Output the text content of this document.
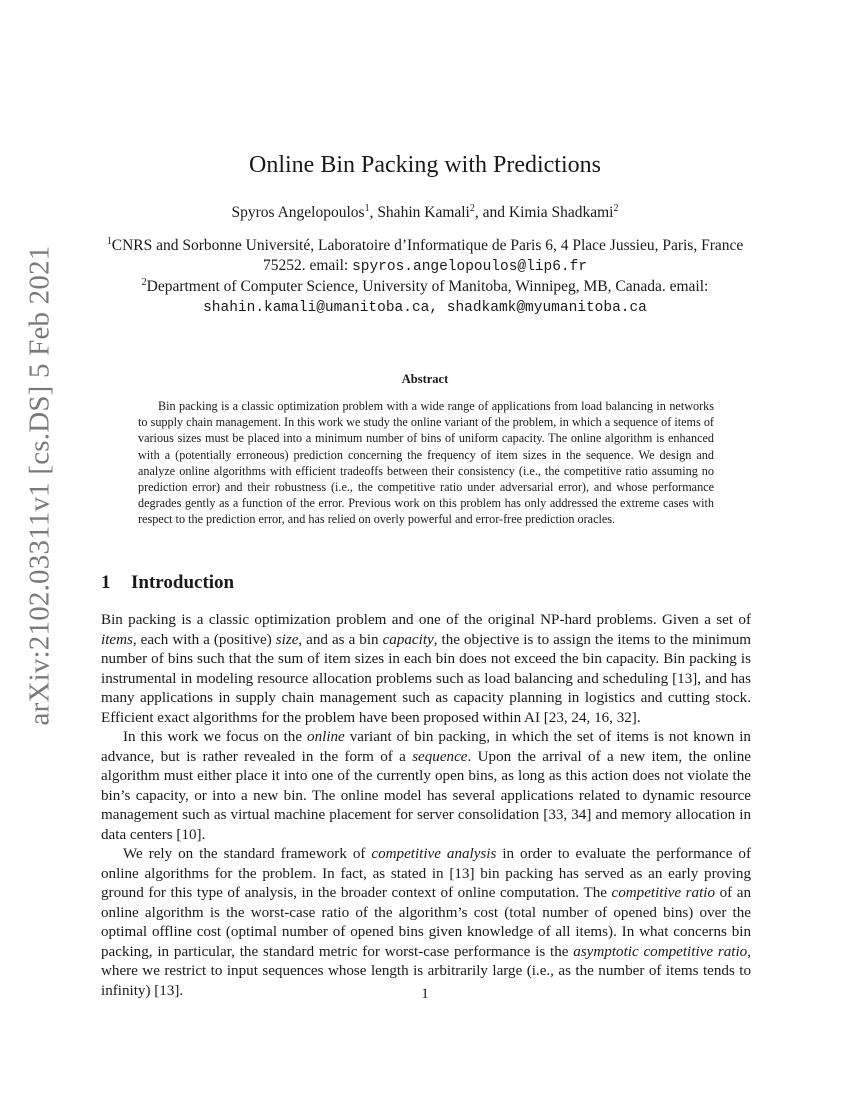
arXiv:2102.03311v1 [cs.DS] 5 Feb 2021
Online Bin Packing with Predictions
Spyros Angelopoulos$^1$, Shahin Kamali$^2$, and Kimia Shadkami$^2$
$^1$CNRS and Sorbonne Université, Laboratoire d’Informatique de Paris 6, 4 Place Jussieu, Paris, France 75252. email: spyros.angelopoulos@lip6.fr
$^2$Department of Computer Science, University of Manitoba, Winnipeg, MB, Canada. email:
shahin.kamali@umanitoba.ca, shadkamk@myumanitoba.ca
Abstract

Bin packing is a classic optimization problem with a wide range of applications from load balancing in networks to supply chain management. In this work we study the online variant of the problem, in which a sequence of items of various sizes must be placed into a minimum number of bins of uniform capacity. The online algorithm is enhanced with a (potentially erroneous) prediction concerning the frequency of item sizes in the sequence. We design and analyze online algorithms with efficient tradeoffs between their consistency (i.e., the competitive ratio assuming no prediction error) and their robustness (i.e., the competitive ratio under adversarial error), and whose performance degrades gently as a function of the error. Previous work on this problem has only addressed the extreme cases with respect to the prediction error, and has relied on overly powerful and error-free prediction oracles.

1 Introduction

Bin packing is a classic optimization problem and one of the original NP-hard problems. Given a set of items, each with a (positive) size, and as a bin capacity, the objective is to assign the items to the minimum number of bins such that the sum of item sizes in each bin does not exceed the bin capacity. Bin packing is instrumental in modeling resource allocation problems such as load balancing and scheduling [13], and has many applications in supply chain management such as capacity planning in logistics and cutting stock. Efficient exact algorithms for the problem have been proposed within AI [23, 24, 16, 32].

In this work we focus on the online variant of bin packing, in which the set of items is not known in advance, but is rather revealed in the form of a sequence. Upon the arrival of a new item, the online algorithm must either place it into one of the currently open bins, as long as this action does not violate the bin’s capacity, or into a new bin. The online model has several applications related to dynamic resource management such as virtual machine placement for server consolidation [33, 34] and memory allocation in data centers [10].

We rely on the standard framework of competitive analysis in order to evaluate the performance of online algorithms for the problem. In fact, as stated in [13] bin packing has served as an early proving ground for this type of analysis, in the broader context of online computation. The competitive ratio of an online algorithm is the worst-case ratio of the algorithm’s cost (total number of opened bins) over the optimal offline cost (optimal number of opened bins given knowledge of all items). In what concerns bin packing, in particular, the standard metric for worst-case performance is the asymptotic competitive ratio, where we restrict to input sequences whose length is arbitrarily large (i.e., as the number of items tends to infinity) [13].	1
